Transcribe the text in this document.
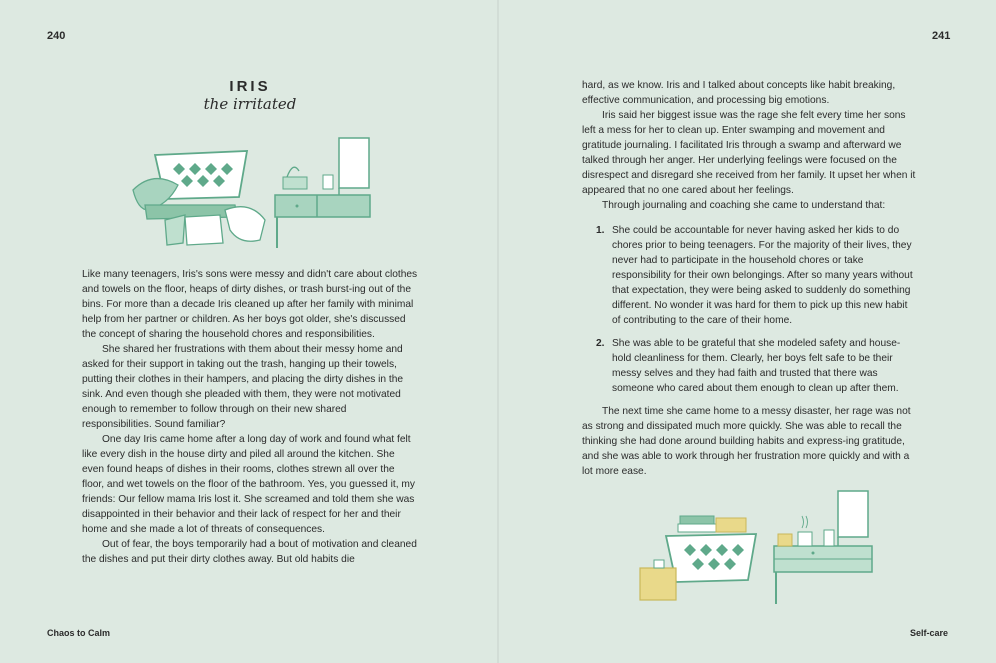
240
IRIS
the irritated

Like many teenagers, Iris's sons were messy and didn't care about clothes and towels on the floor, heaps of dirty dishes, or trash burst-ing out of the bins. For more than a decade Iris cleaned up after her family with minimal help from her partner or children. As her boys got older, she's discussed the concept of sharing the household chores and responsibilities.

She shared her frustrations with them about their messy home and asked for their support in taking out the trash, hanging up their towels, putting their clothes in their hampers, and placing the dirty dishes in the sink. And even though she pleaded with them, they were not motivated enough to remember to follow through on their new shared responsibilities. Sound familiar?

One day Iris came home after a long day of work and found what felt like every dish in the house dirty and piled all around the kitchen. She even found heaps of dishes in their rooms, clothes strewn all over the floor, and wet towels on the floor of the bathroom. Yes, you guessed it, my friends: Our fellow mama Iris lost it. She screamed and told them she was disappointed in their behavior and their lack of respect for her and their home and she made a lot of threats of consequences.

Out of fear, the boys temporarily had a bout of motivation and cleaned the dishes and put their dirty clothes away. But old habits die

Chaos to Calm
241

hard, as we know. Iris and I talked about concepts like habit breaking, effective communication, and processing big emotions.

Iris said her biggest issue was the rage she felt every time her sons left a mess for her to clean up. Enter swamping and movement and gratitude journaling. I facilitated Iris through a swamp and afterward we talked through her anger. Her underlying feelings were focused on the disrespect and disregard she received from her family. It upset her when it appeared that no one cared about her feelings.

Through journaling and coaching she came to understand that:

1. She could be accountable for never having asked her kids to do chores prior to being teenagers. For the majority of their lives, they never had to participate in the household chores or take responsibility for their own belongings. After so many years without that expectation, they were being asked to suddenly do something different. No wonder it was hard for them to pick up this new habit of contributing to the care of their home.
2. She was able to be grateful that she modeled safety and house-hold cleanliness for them. Clearly, her boys felt safe to be their messy selves and they had faith and trusted that there was someone who cared about them enough to clean up after them.

The next time she came home to a messy disaster, her rage was not as strong and dissipated much more quickly. She was able to recall the thinking she had done around building habits and express-ing gratitude, and she was able to work through her frustration more quickly and with a lot more ease.

Self-care
